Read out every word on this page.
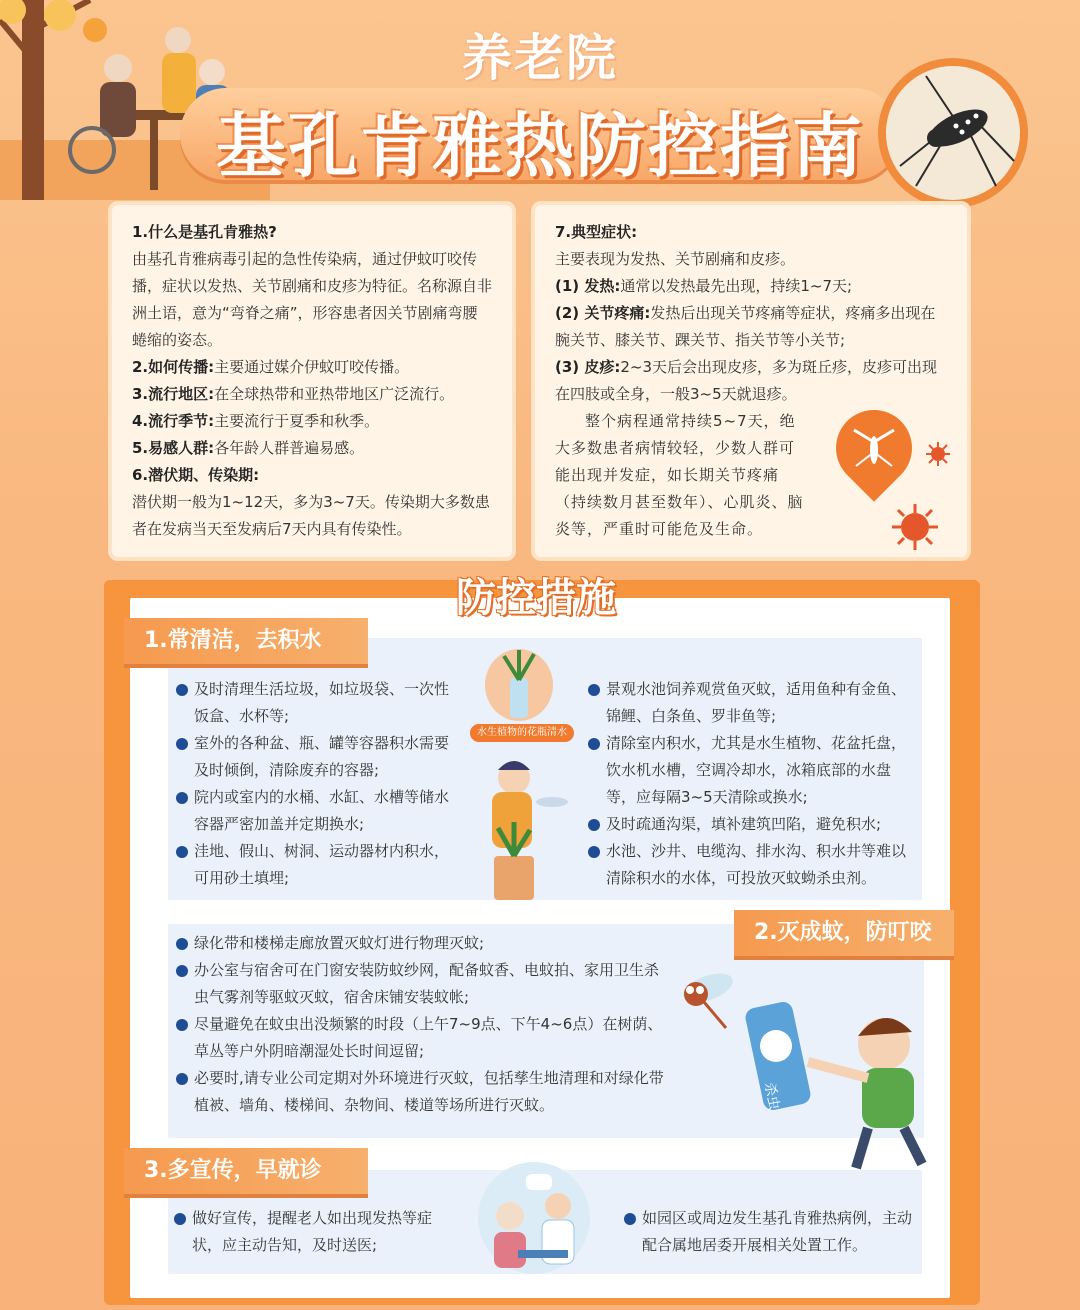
养老院
基孔肯雅热防控指南

1.什么是基孔肯雅热?

由基孔肯雅病毒引起的急性传染病，通过伊蚊叮咬传播，症状以发热、关节剧痛和皮疹为特征。名称源自非洲土语，意为“弯脊之痛”，形容患者因关节剧痛弯腰蜷缩的姿态。

2.如何传播:主要通过媒介伊蚊叮咬传播。

3.流行地区:在全球热带和亚热带地区广泛流行。

4.流行季节:主要流行于夏季和秋季。

5.易感人群:各年龄人群普遍易感。

6.潜伏期、传染期:

潜伏期一般为1~12天，多为3~7天。传染期大多数患者在发病当天至发病后7天内具有传染性。

7.典型症状:

主要表现为发热、关节剧痛和皮疹。

(1) 发热:通常以发热最先出现，持续1~7天;

(2) 关节疼痛:发热后出现关节疼痛等症状，疼痛多出现在腕关节、膝关节、踝关节、指关节等小关节;

(3) 皮疹:2~3天后会出现皮疹，多为斑丘疹，皮疹可出现在四肢或全身，一般3~5天就退疹。

整个病程通常持续5~7天，绝大多数患者病情较轻，少数人群可能出现并发症，如长期关节疼痛（持续数月甚至数年）、心肌炎、脑炎等，严重时可能危及生命。

防控措施
1.常清洁，去积水
及时清理生活垃圾，如垃圾袋、一次性饭盒、水杯等;
室外的各种盆、瓶、罐等容器积水需要及时倾倒，清除废弃的容器;
院内或室内的水桶、水缸、水槽等储水容器严密加盖并定期换水;
洼地、假山、树洞、运动器材内积水，可用砂土填埋;
水生植物的花瓶清水
景观水池饲养观赏鱼灭蚊，适用鱼种有金鱼、锦鲤、白条鱼、罗非鱼等;
清除室内积水，尤其是水生植物、花盆托盘，饮水机水槽，空调冷却水，冰箱底部的水盘等，应每隔3~5天清除或换水;
及时疏通沟渠，填补建筑凹陷，避免积水;
水池、沙井、电缆沟、排水沟、积水井等难以清除积水的水体，可投放灭蚊蚴杀虫剂。
2.灭成蚊，防叮咬
绿化带和楼梯走廊放置灭蚊灯进行物理灭蚊;
办公室与宿舍可在门窗安装防蚊纱网，配备蚊香、电蚊拍、家用卫生杀虫气雾剂等驱蚊灭蚊，宿舍床铺安装蚊帐;
尽量避免在蚊虫出没频繁的时段（上午7~9点、下午4~6点）在树荫、草丛等户外阴暗潮湿处长时间逗留;
必要时,请专业公司定期对外环境进行灭蚊，包括孳生地清理和对绿化带植被、墙角、楼梯间、杂物间、楼道等场所进行灭蚊。	杀虫
3.多宣传，早就诊
做好宣传，提醒老人如出现发热等症状，应主动告知，及时送医;
如园区或周边发生基孔肯雅热病例，主动配合属地居委开展相关处置工作。
